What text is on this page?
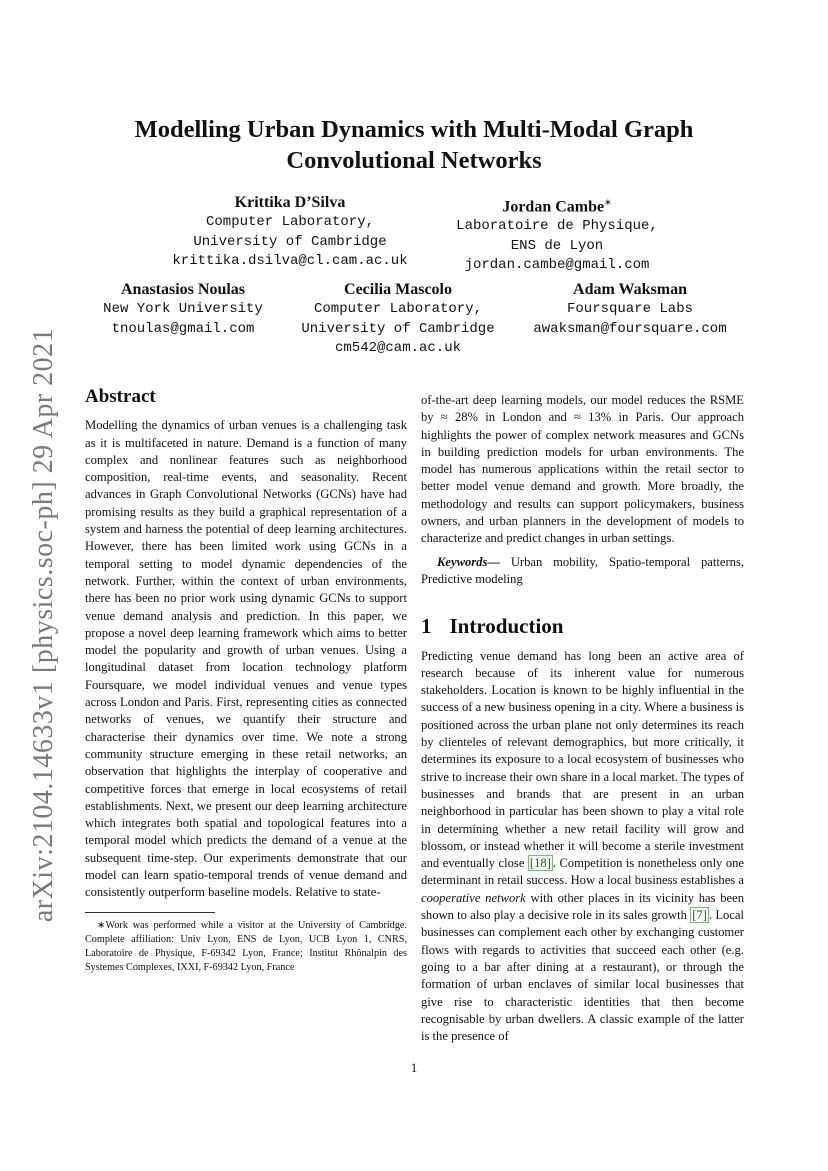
arXiv:2104.14633v1 [physics.soc-ph] 29 Apr 2021
Modelling Urban Dynamics with Multi-Modal Graph Convolutional Networks
Krittika D’Silva
Computer Laboratory,
University of Cambridge
krittika.dsilva@cl.cam.ac.uk
Jordan Cambe∗
Laboratoire de Physique,
ENS de Lyon
jordan.cambe@gmail.com
Anastasios Noulas
New York University
tnoulas@gmail.com
Cecilia Mascolo
Computer Laboratory,
University of Cambridge
cm542@cam.ac.uk
Adam Waksman
Foursquare Labs
awaksman@foursquare.com
Abstract

Modelling the dynamics of urban venues is a challenging task as it is multifaceted in nature. Demand is a function of many complex and nonlinear features such as neighborhood composition, real-time events, and seasonality. Recent advances in Graph Convolutional Networks (GCNs) have had promising results as they build a graphical representation of a system and harness the potential of deep learning architectures. However, there has been limited work using GCNs in a temporal setting to model dynamic dependencies of the network. Further, within the context of urban environments, there has been no prior work using dynamic GCNs to support venue demand analysis and prediction. In this paper, we propose a novel deep learning framework which aims to better model the popularity and growth of urban venues. Using a longitudinal dataset from location technology platform Foursquare, we model individual venues and venue types across London and Paris. First, representing cities as connected networks of venues, we quantify their structure and characterise their dynamics over time. We note a strong community structure emerging in these retail networks, an observation that highlights the interplay of cooperative and competitive forces that emerge in local ecosystems of retail establishments. Next, we present our deep learning architecture which integrates both spatial and topological features into a temporal model which predicts the demand of a venue at the subsequent time-step. Our experiments demonstrate that our model can learn spatio-temporal trends of venue demand and consistently outperform baseline models. Relative to state-

∗Work was performed while a visitor at the University of Cambridge. Complete affiliation: Univ Lyon, ENS de Lyon, UCB Lyon 1, CNRS, Laboratoire de Physique, F-69342 Lyon, France; Institut Rhônalpin des Systemes Complexes, IXXI, F-69342 Lyon, France

of-the-art deep learning models, our model reduces the RSME by ≈ 28% in London and ≈ 13% in Paris. Our approach highlights the power of complex network measures and GCNs in building prediction models for urban environments. The model has numerous applications within the retail sector to better model venue demand and growth. More broadly, the methodology and results can support policymakers, business owners, and urban planners in the development of models to characterize and predict changes in urban settings.

Keywords— Urban mobility, Spatio-temporal patterns, Predictive modeling

1 Introduction

Predicting venue demand has long been an active area of research because of its inherent value for numerous stakeholders. Location is known to be highly influential in the success of a new business opening in a city. Where a business is positioned across the urban plane not only determines its reach by clienteles of relevant demographics, but more critically, it determines its exposure to a local ecosystem of businesses who strive to increase their own share in a local market. The types of businesses and brands that are present in an urban neighborhood in particular has been shown to play a vital role in determining whether a new retail facility will grow and blossom, or instead whether it will become a sterile investment and eventually close [18] . Competition is nonetheless only one determinant in retail success. How a local business establishes a cooperative network with other places in its vicinity has been shown to also play a decisive role in its sales growth [7] . Local businesses can complement each other by exchanging customer flows with regards to activities that succeed each other (e.g. going to a bar after dining at a restaurant), or through the formation of urban enclaves of similar local businesses that give rise to characteristic identities that then become recognisable by urban dwellers. A classic example of the latter is the presence of

1
